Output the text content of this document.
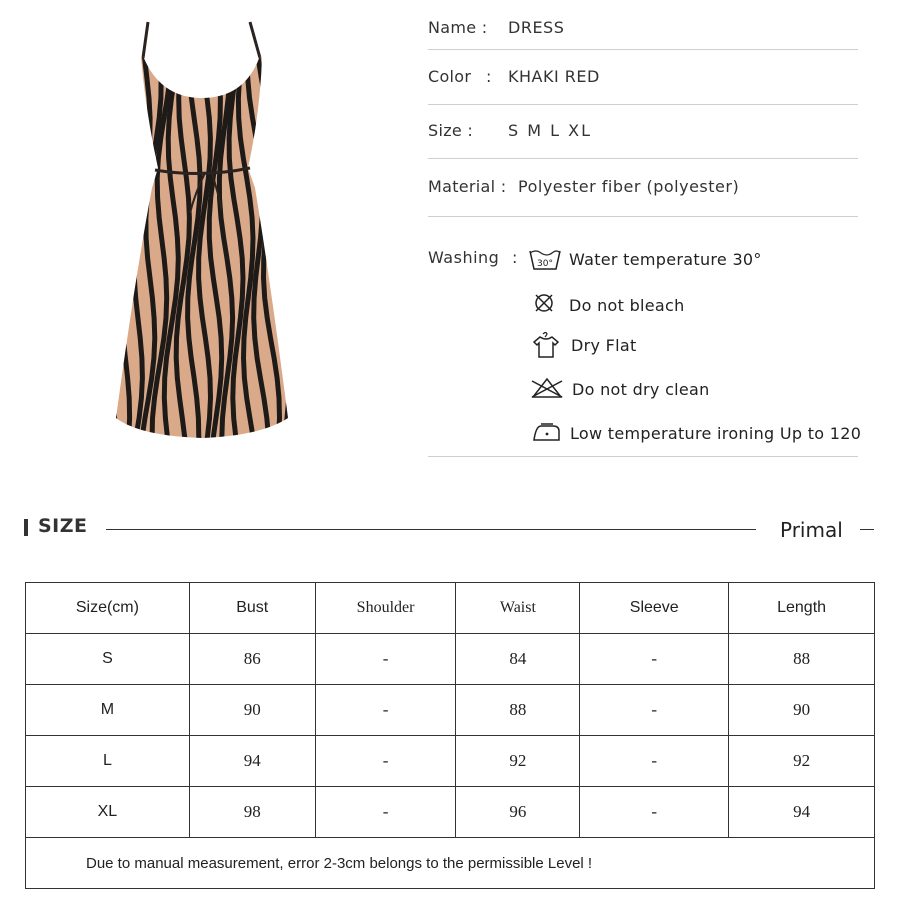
Name : DRESS
Color : KHAKI RED
Size : S M L XL
Material : Polyester fiber (polyester)
Washing : 30° Water temperature 30°
Do not bleach
Dry Flat
Do not dry clean
Low temperature ironing Up to 120
SIZE	Primal
Size(cm)	Bust	Shoulder	Waist	Sleeve	Length
S	86	-	84	-	88
M	90	-	88	-	90
L	94	-	92	-	92
XL	98	-	96	-	94
Due to manual measurement, error 2-3cm belongs to the permissible Level !					
